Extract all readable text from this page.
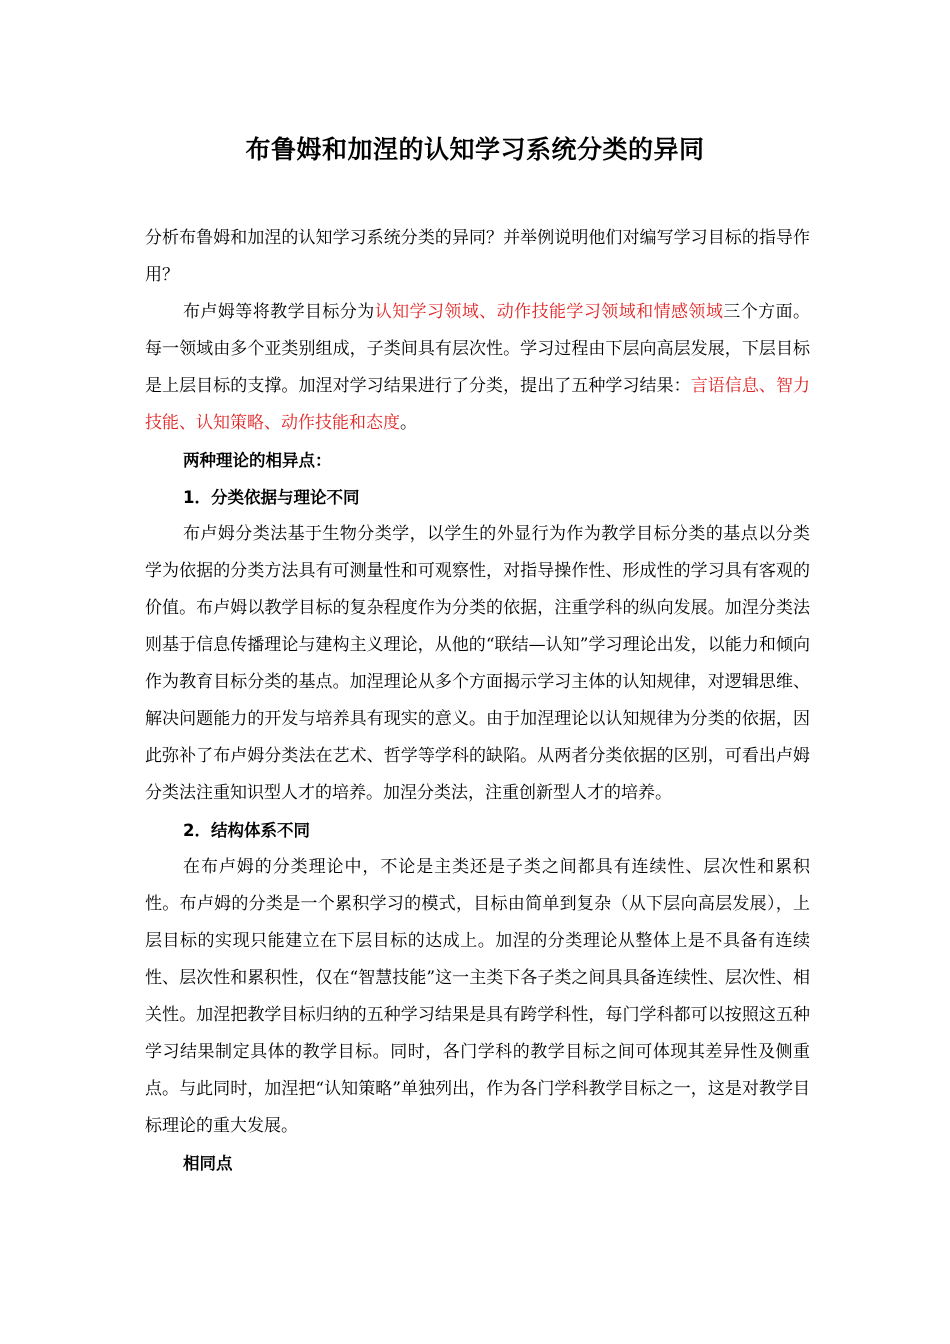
布鲁姆和加涅的认知学习系统分类的异同

分析布鲁姆和加涅的认知学习系统分类的异同？并举例说明他们对编写学习目标的指导作用？

布卢姆等将教学目标分为认知学习领域、动作技能学习领域和情感领域三个方面。每一领域由多个亚类别组成，子类间具有层次性。学习过程由下层向高层发展，下层目标是上层目标的支撑。加涅对学习结果进行了分类，提出了五种学习结果：言语信息、智力技能、认知策略、动作技能和态度。

两种理论的相异点：

1．分类依据与理论不同

布卢姆分类法基于生物分类学，以学生的外显行为作为教学目标分类的基点以分类学为依据的分类方法具有可测量性和可观察性，对指导操作性、形成性的学习具有客观的价值。布卢姆以教学目标的复杂程度作为分类的依据，注重学科的纵向发展。加涅分类法则基于信息传播理论与建构主义理论，从他的“联结—认知”学习理论出发，以能力和倾向作为教育目标分类的基点。加涅理论从多个方面揭示学习主体的认知规律，对逻辑思维、解决问题能力的开发与培养具有现实的意义。由于加涅理论以认知规律为分类的依据，因此弥补了布卢姆分类法在艺术、哲学等学科的缺陷。从两者分类依据的区别，可看出卢姆分类法注重知识型人才的培养。加涅分类法，注重创新型人才的培养。

2．结构体系不同

在布卢姆的分类理论中，不论是主类还是子类之间都具有连续性、层次性和累积性。布卢姆的分类是一个累积学习的模式，目标由简单到复杂（从下层向高层发展），上层目标的实现只能建立在下层目标的达成上。加涅的分类理论从整体上是不具备有连续性、层次性和累积性，仅在“智慧技能”这一主类下各子类之间具具备连续性、层次性、相关性。加涅把教学目标归纳的五种学习结果是具有跨学科性，每门学科都可以按照这五种学习结果制定具体的教学目标。同时，各门学科的教学目标之间可体现其差异性及侧重点。与此同时，加涅把“认知策略”单独列出，作为各门学科教学目标之一，这是对教学目标理论的重大发展。

相同点
